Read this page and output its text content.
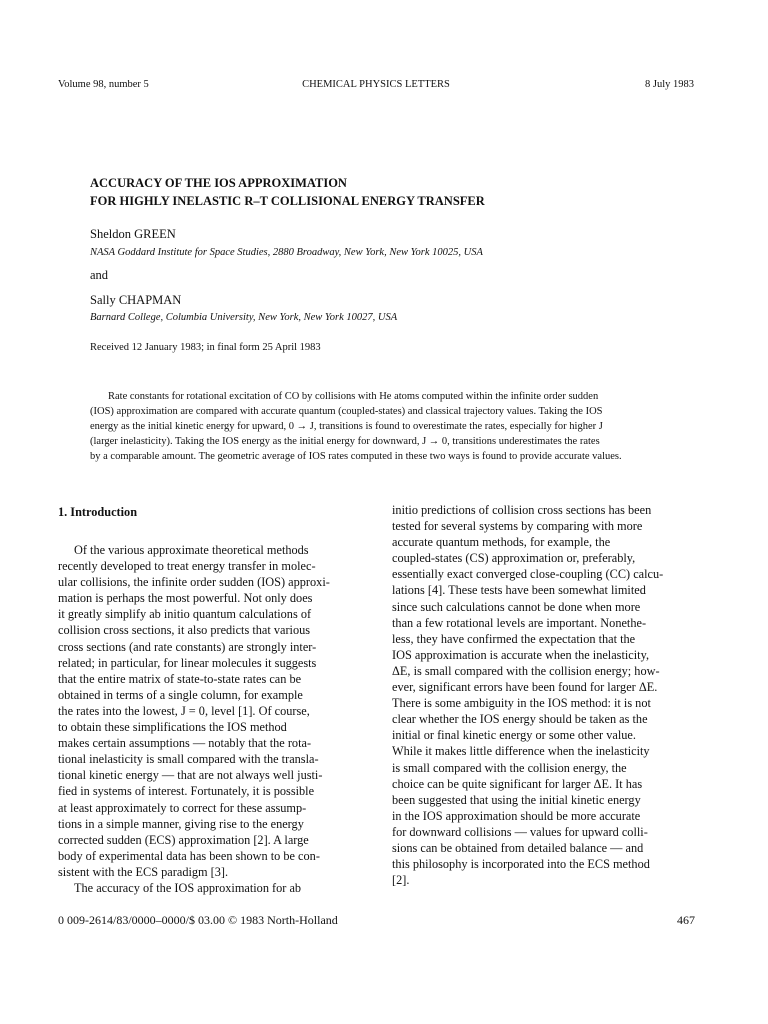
Volume 98, number 5	CHEMICAL PHYSICS LETTERS	8 July 1983
ACCURACY OF THE IOS APPROXIMATION
FOR HIGHLY INELASTIC R–T COLLISIONAL ENERGY TRANSFER
Sheldon GREEN
NASA Goddard Institute for Space Studies, 2880 Broadway, New York, New York 10025, USA
and
Sally CHAPMAN
Barnard College, Columbia University, New York, New York 10027, USA
Received 12 January 1983; in final form 25 April 1983
Rate constants for rotational excitation of CO by collisions with He atoms computed within the infinite order sudden
(IOS) approximation are compared with accurate quantum (coupled-states) and classical trajectory values. Taking the IOS
energy as the initial kinetic energy for upward, 0 → J, transitions is found to overestimate the rates, especially for higher J
(larger inelasticity). Taking the IOS energy as the initial energy for downward, J → 0, transitions underestimates the rates
by a comparable amount. The geometric average of IOS rates computed in these two ways is found to provide accurate values.
1. Introduction
Of the various approximate theoretical methods
recently developed to treat energy transfer in molec-
ular collisions, the infinite order sudden (IOS) approxi-
mation is perhaps the most powerful. Not only does
it greatly simplify ab initio quantum calculations of
collision cross sections, it also predicts that various
cross sections (and rate constants) are strongly inter-
related; in particular, for linear molecules it suggests
that the entire matrix of state-to-state rates can be
obtained in terms of a single column, for example
the rates into the lowest, J = 0, level [1]. Of course,
to obtain these simplifications the IOS method
makes certain assumptions — notably that the rota-
tional inelasticity is small compared with the transla-
tional kinetic energy — that are not always well justi-
fied in systems of interest. Fortunately, it is possible
at least approximately to correct for these assump-
tions in a simple manner, giving rise to the energy
corrected sudden (ECS) approximation [2]. A large
body of experimental data has been shown to be con-
sistent with the ECS paradigm [3].
The accuracy of the IOS approximation for ab
initio predictions of collision cross sections has been
tested for several systems by comparing with more
accurate quantum methods, for example, the
coupled-states (CS) approximation or, preferably,
essentially exact converged close-coupling (CC) calcu-
lations [4]. These tests have been somewhat limited
since such calculations cannot be done when more
than a few rotational levels are important. Nonethe-
less, they have confirmed the expectation that the
IOS approximation is accurate when the inelasticity,
ΔE, is small compared with the collision energy; how-
ever, significant errors have been found for larger ΔE.
There is some ambiguity in the IOS method: it is not
clear whether the IOS energy should be taken as the
initial or final kinetic energy or some other value.
While it makes little difference when the inelasticity
is small compared with the collision energy, the
choice can be quite significant for larger ΔE. It has
been suggested that using the initial kinetic energy
in the IOS approximation should be more accurate
for downward collisions — values for upward colli-
sions can be obtained from detailed balance — and
this philosophy is incorporated into the ECS method
[2].
0 009-2614/83/0000–0000/$ 03.00 © 1983 North-Holland	467
